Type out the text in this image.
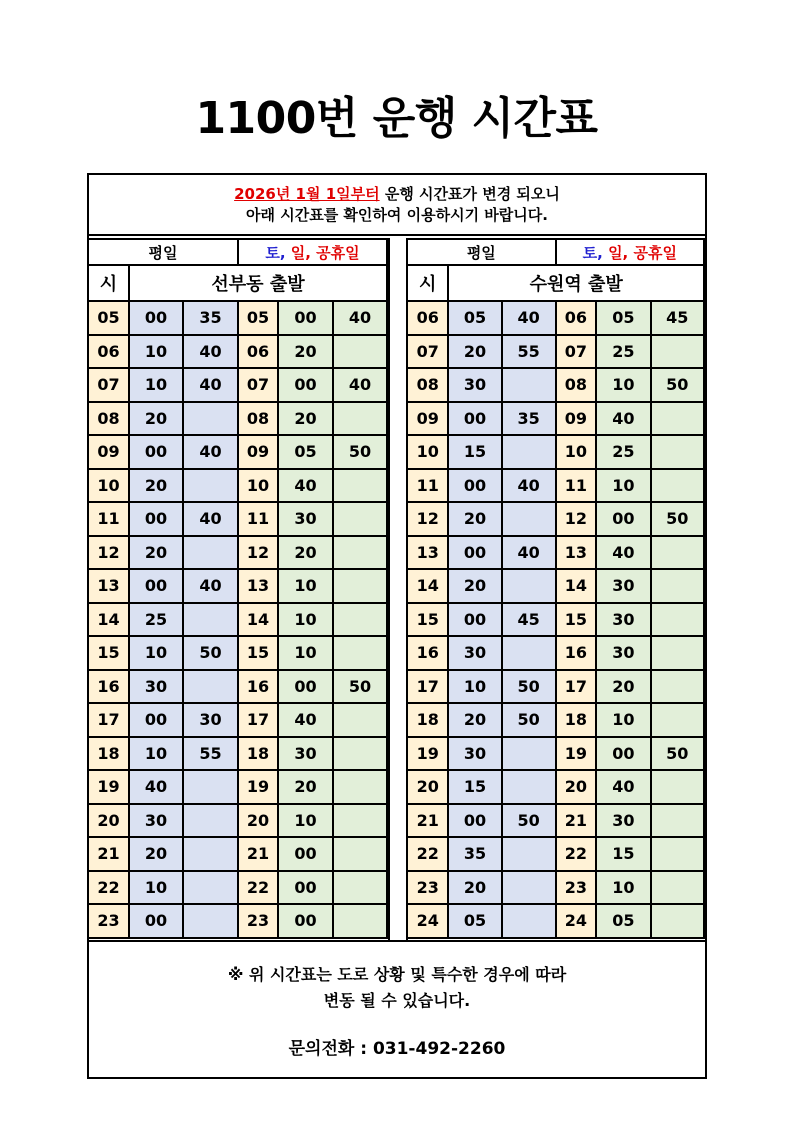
1100번 운행 시간표
2026년 1월 1일부터 운행 시간표가 변경 되오니
아래 시간표를 확인하여 이용하시기 바랍니다.
평일			토, 일, 공휴일		
시	선부동 출발				
05	00	35	05	00	40
06	10	40	06	20	
07	10	40	07	00	40
08	20		08	20	
09	00	40	09	05	50
10	20		10	40	
11	00	40	11	30	
12	20		12	20	
13	00	40	13	10	
14	25		14	10	
15	10	50	15	10	
16	30		16	00	50
17	00	30	17	40	
18	10	55	18	30	
19	40		19	20	
20	30		20	10	
21	20		21	00	
22	10		22	00	
23	00		23	00	
평일			토, 일, 공휴일		
시	수원역 출발				
06	05	40	06	05	45
07	20	55	07	25	
08	30		08	10	50
09	00	35	09	40	
10	15		10	25	
11	00	40	11	10	
12	20		12	00	50
13	00	40	13	40	
14	20		14	30	
15	00	45	15	30	
16	30		16	30	
17	10	50	17	20	
18	20	50	18	10	
19	30		19	00	50
20	15		20	40	
21	00	50	21	30	
22	35		22	15	
23	20		23	10	
24	05		24	05	
※ 위 시간표는 도로 상황 및 특수한 경우에 따라
변동 될 수 있습니다.
문의전화 : 031-492-2260
